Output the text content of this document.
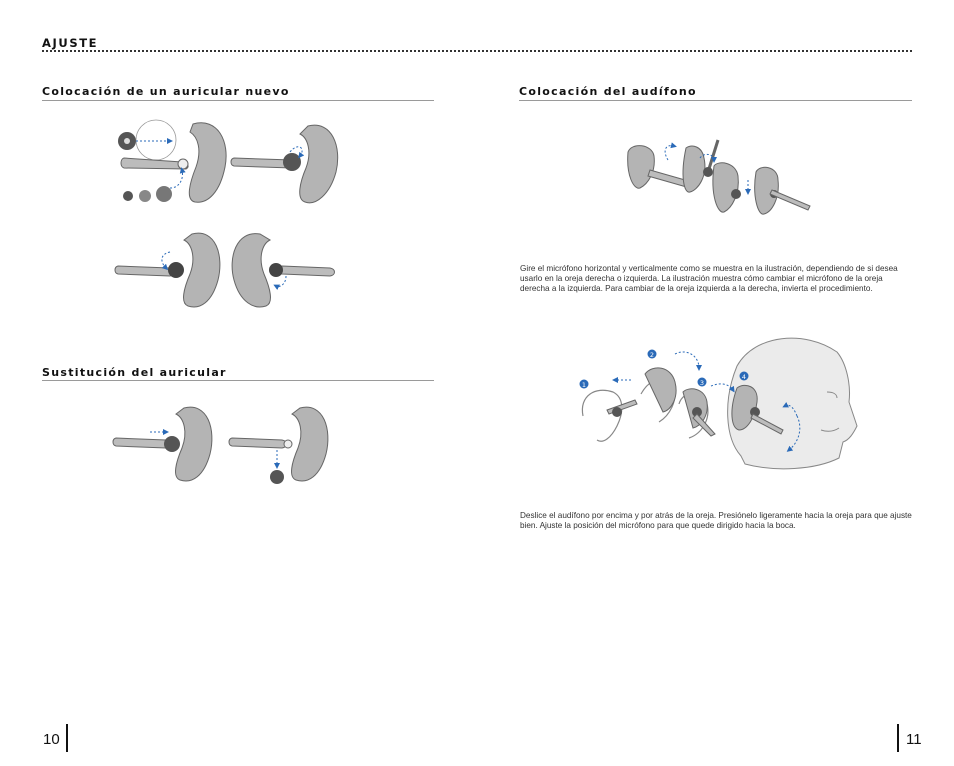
AJUSTE
Colocación de un auricular nuevo
Sustitución del auricular
Colocación del audífono
Gire el micrófono horizontal y verticalmente como se muestra en la ilustración, dependiendo de si desea usarlo en la oreja derecha o izquierda. La ilustración muestra cómo cambiar el micrófono de la oreja derecha a la izquierda. Para cambiar de la oreja izquierda a la derecha, invierta el procedimiento.
1
2
3
4
Deslice el audífono por encima y por atrás de la oreja. Presiónelo ligeramente hacia la oreja para que ajuste bien. Ajuste la posición del micrófono para que quede dirigido hacia la boca.
10	11
